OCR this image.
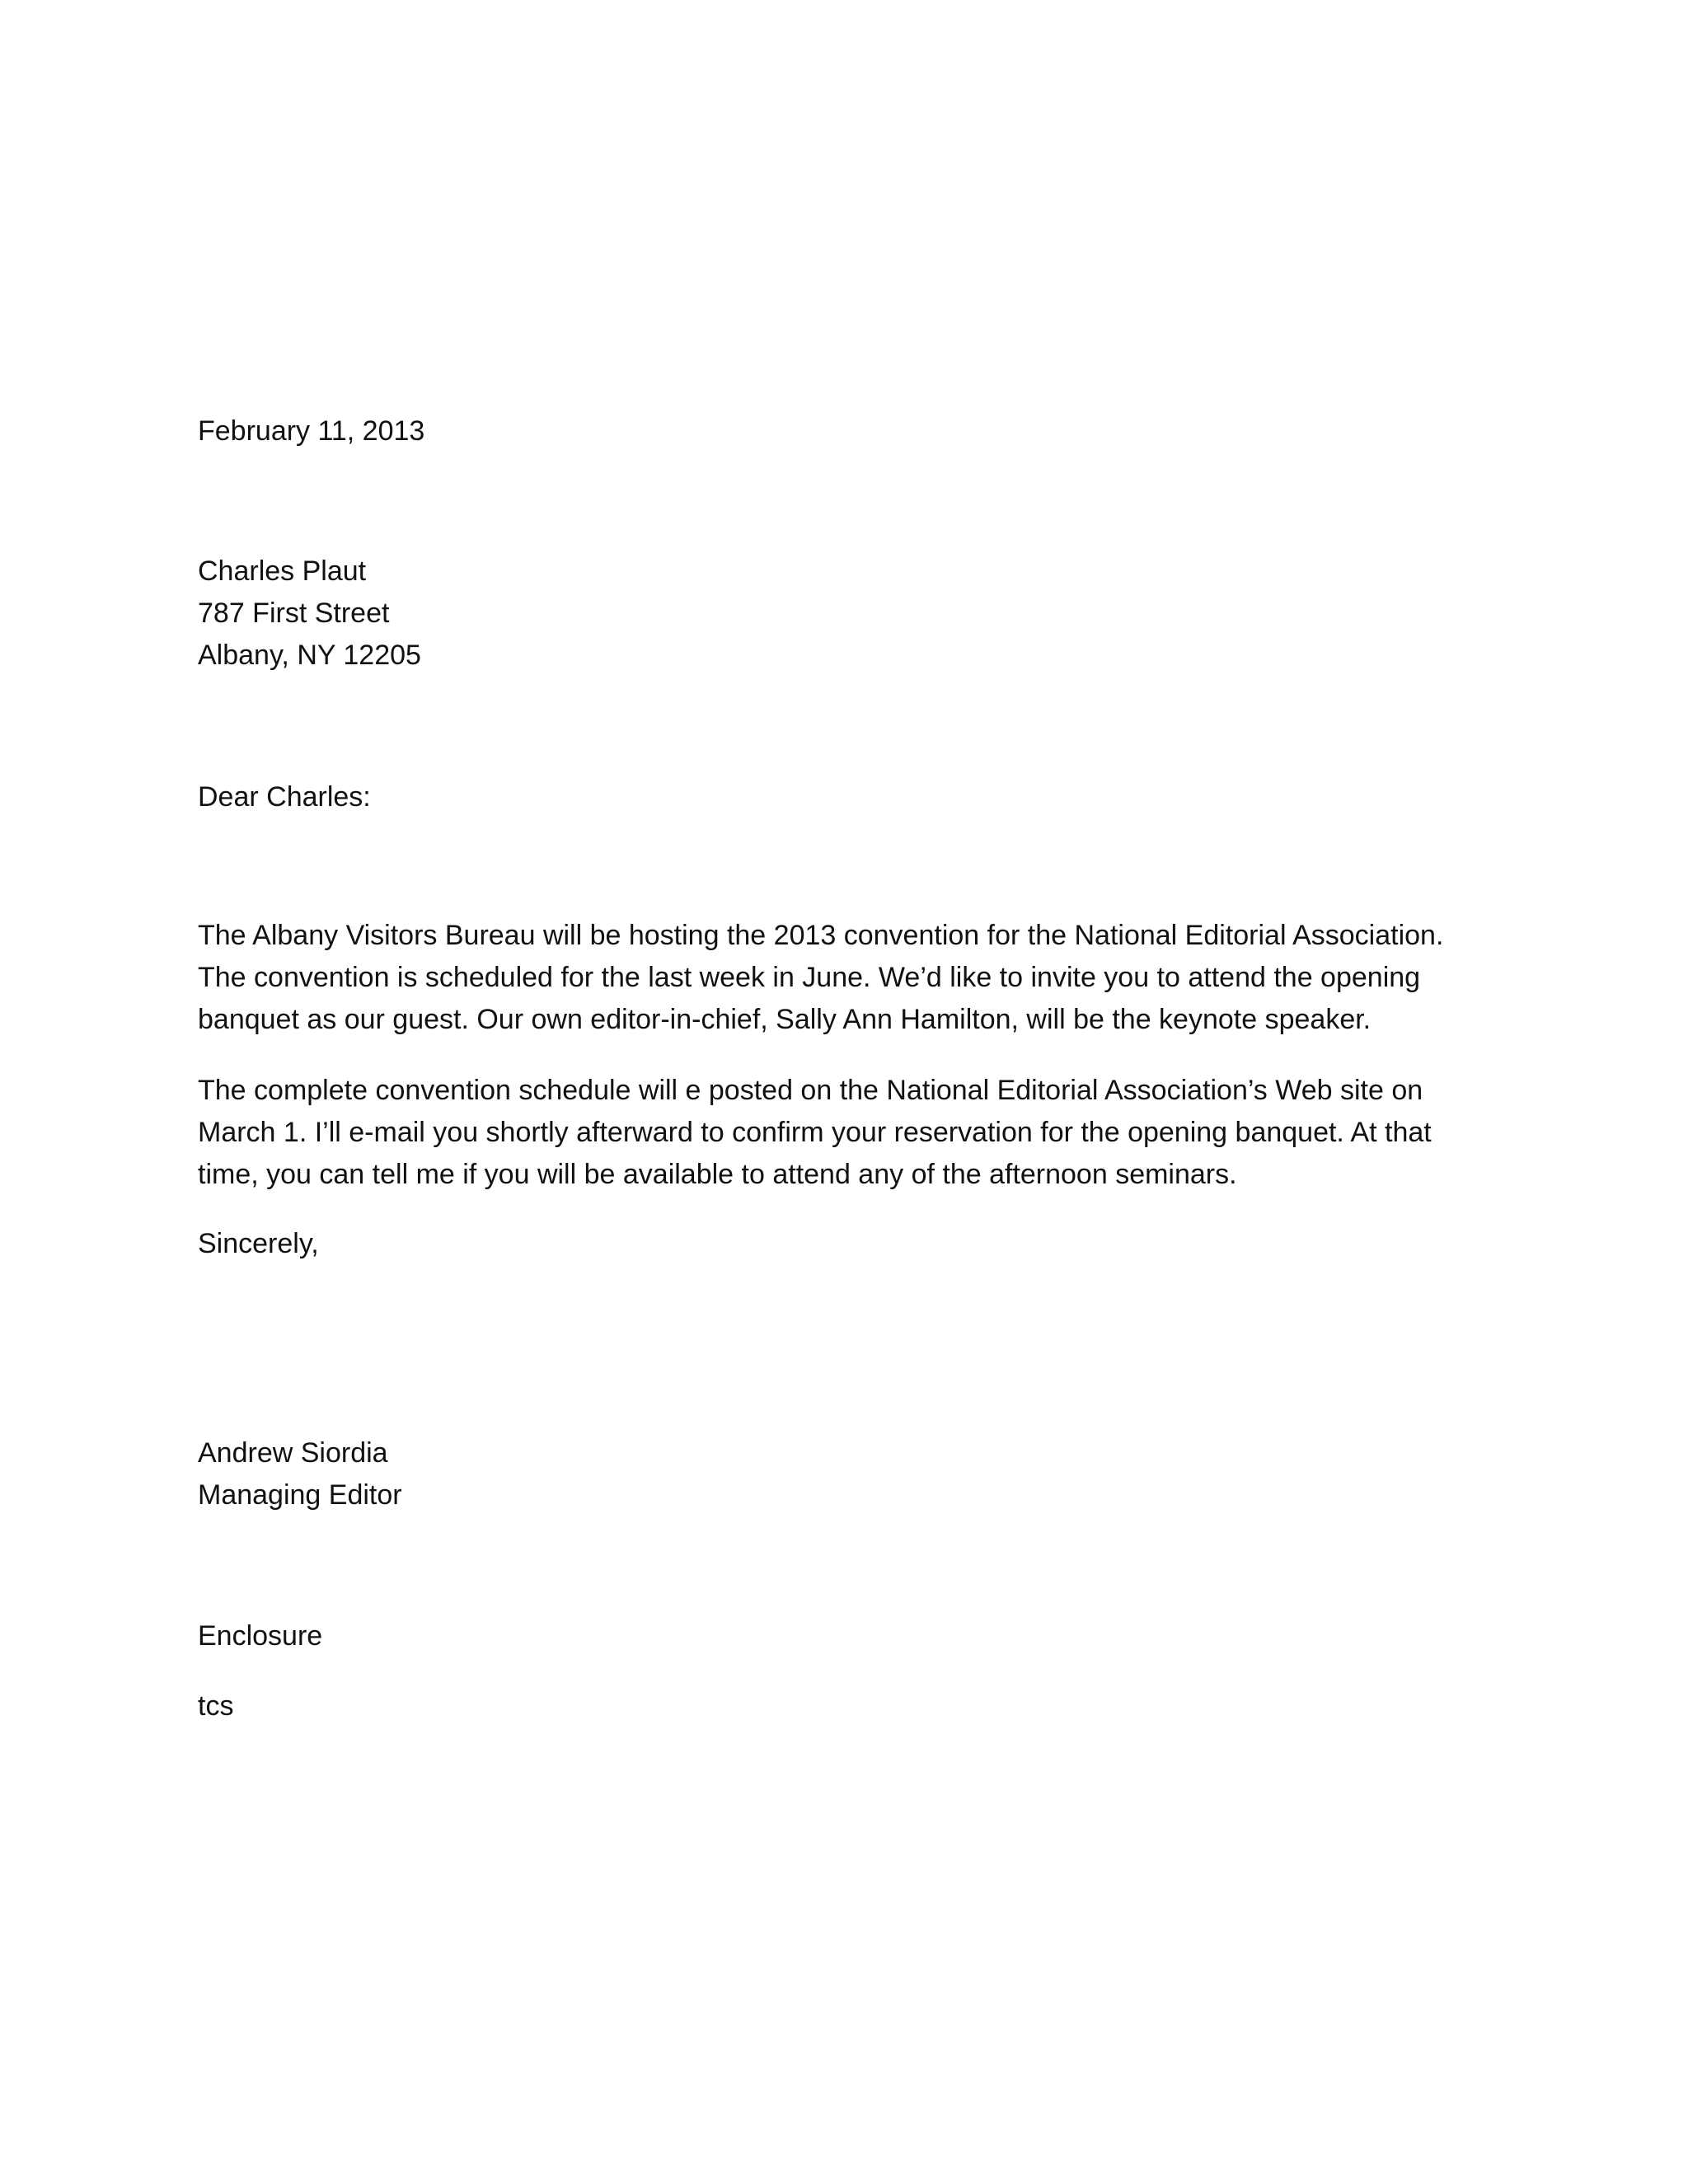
February 11, 2013

Charles Plaut
787 First Street
Albany, NY 12205

Dear Charles:

The Albany Visitors Bureau will be hosting the 2013 convention for the National Editorial Association.
The convention is scheduled for the last week in June. We’d like to invite you to attend the opening
banquet as our guest. Our own editor-in-chief, Sally Ann Hamilton, will be the keynote speaker.
The complete convention schedule will e posted on the National Editorial Association’s Web site on
March 1. I’ll e-mail you shortly afterward to confirm your reservation for the opening banquet. At that
time, you can tell me if you will be available to attend any of the afternoon seminars.

Sincerely,

Andrew Siordia
Managing Editor

Enclosure

tcs
